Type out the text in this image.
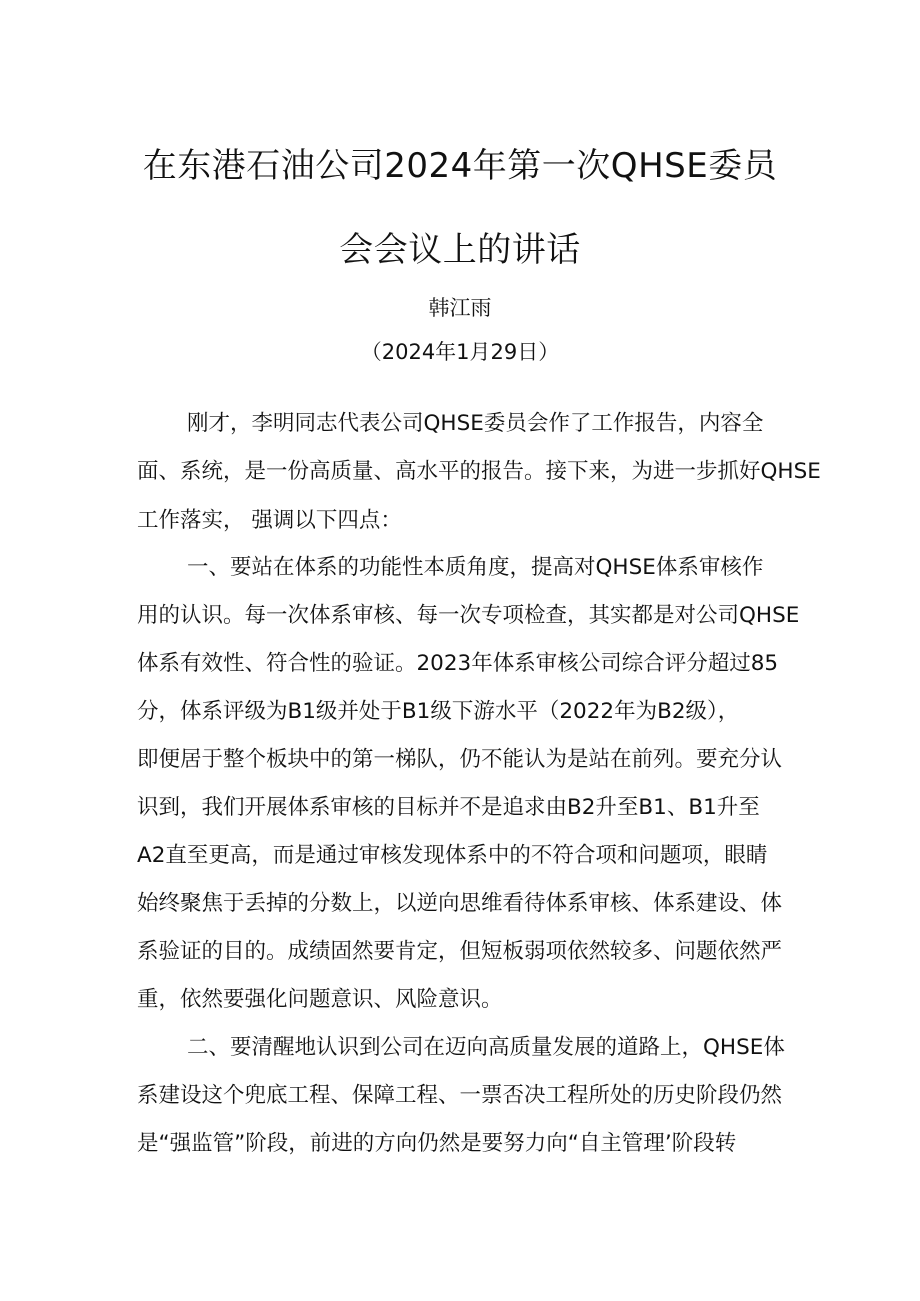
在东港石油公司2024年第一次QHSE委员
会会议上的讲话
韩江雨
（2024年1月29日）
刚才，李明同志代表公司QHSE委员会作了工作报告，内容全
面、系统，是一份高质量、高水平的报告。接下来，为进一步抓好QHSE
工作落实， 强调以下四点：
一、要站在体系的功能性本质角度，提高对QHSE体系审核作
用的认识。每一次体系审核、每一次专项检查，其实都是对公司QHSE
体系有效性、符合性的验证。2023年体系审核公司综合评分超过85
分，体系评级为B1级并处于B1级下游水平（2022年为B2级），
即便居于整个板块中的第一梯队，仍不能认为是站在前列。要充分认
识到，我们开展体系审核的目标并不是追求由B2升至B1、B1升至
A2直至更高，而是通过审核发现体系中的不符合项和问题项，眼睛
始终聚焦于丢掉的分数上，以逆向思维看待体系审核、体系建设、体
系验证的目的。成绩固然要肯定，但短板弱项依然较多、问题依然严
重，依然要强化问题意识、风险意识。
二、要清醒地认识到公司在迈向高质量发展的道路上，QHSE体
系建设这个兜底工程、保障工程、一票否决工程所处的历史阶段仍然
是“强监管”阶段，前进的方向仍然是要努力向“自主管理’阶段转
